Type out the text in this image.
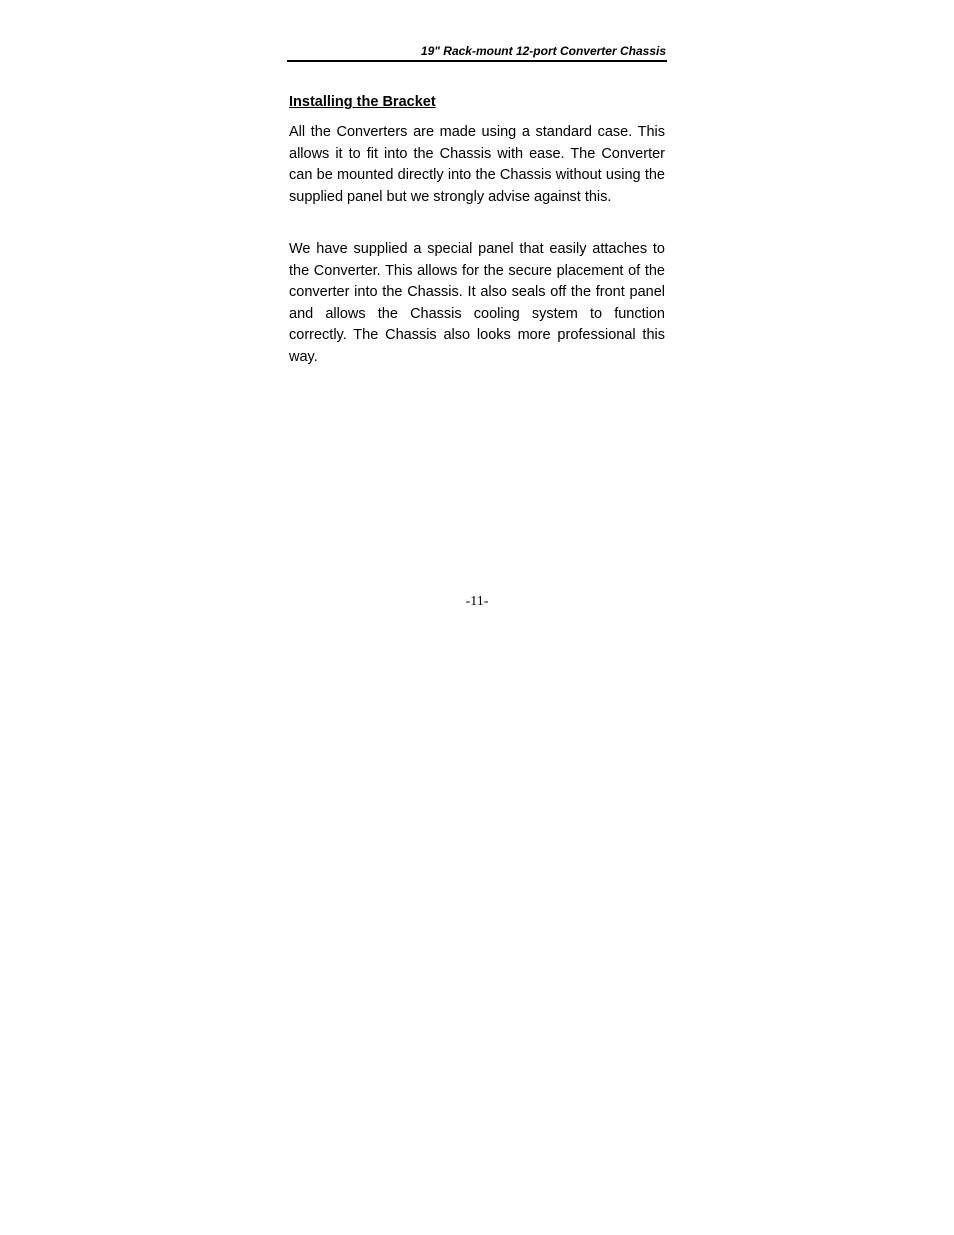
19" Rack-mount 12-port Converter Chassis
Installing the Bracket

All the Converters are made using a standard case. This allows it to fit into the Chassis with ease. The Converter can be mounted directly into the Chassis without using the supplied panel but we strongly advise against this.

We have supplied a special panel that easily attaches to the Converter. This allows for the secure placement of the converter into the Chassis. It also seals off the front panel and allows the Chassis cooling system to function correctly. The Chassis also looks more professional this way.

-11-
